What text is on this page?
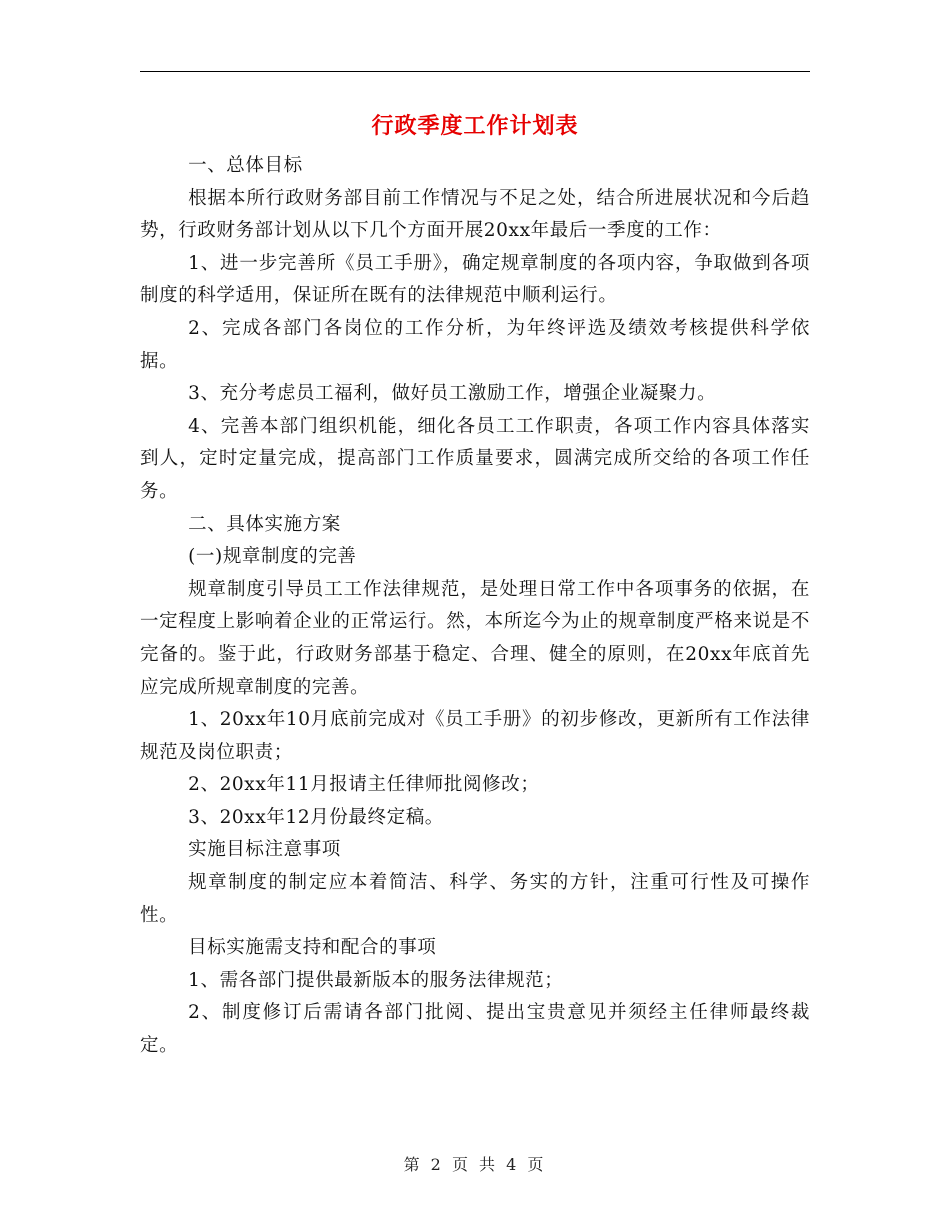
行政季度工作计划表

一、总体目标

根据本所行政财务部目前工作情况与不足之处，结合所进展状况和今后趋势，行政财务部计划从以下几个方面开展20xx年最后一季度的工作：

1、进一步完善所《员工手册》，确定规章制度的各项内容，争取做到各项制度的科学适用，保证所在既有的法律规范中顺利运行。

2、完成各部门各岗位的工作分析，为年终评选及绩效考核提供科学依据。

3、充分考虑员工福利，做好员工激励工作，增强企业凝聚力。

4、完善本部门组织机能，细化各员工工作职责，各项工作内容具体落实到人，定时定量完成，提高部门工作质量要求，圆满完成所交给的各项工作任务。

二、具体实施方案

(一)规章制度的完善

规章制度引导员工工作法律规范，是处理日常工作中各项事务的依据，在一定程度上影响着企业的正常运行。然，本所迄今为止的规章制度严格来说是不完备的。鉴于此，行政财务部基于稳定、合理、健全的原则，在20xx年底首先应完成所规章制度的完善。

1、20xx年10月底前完成对《员工手册》的初步修改，更新所有工作法律规范及岗位职责；

2、20xx年11月报请主任律师批阅修改；

3、20xx年12月份最终定稿。

实施目标注意事项

规章制度的制定应本着简洁、科学、务实的方针，注重可行性及可操作性。

目标实施需支持和配合的事项

1、需各部门提供最新版本的服务法律规范；

2、制度修订后需请各部门批阅、提出宝贵意见并须经主任律师最终裁定。

第 2 页 共 4 页
